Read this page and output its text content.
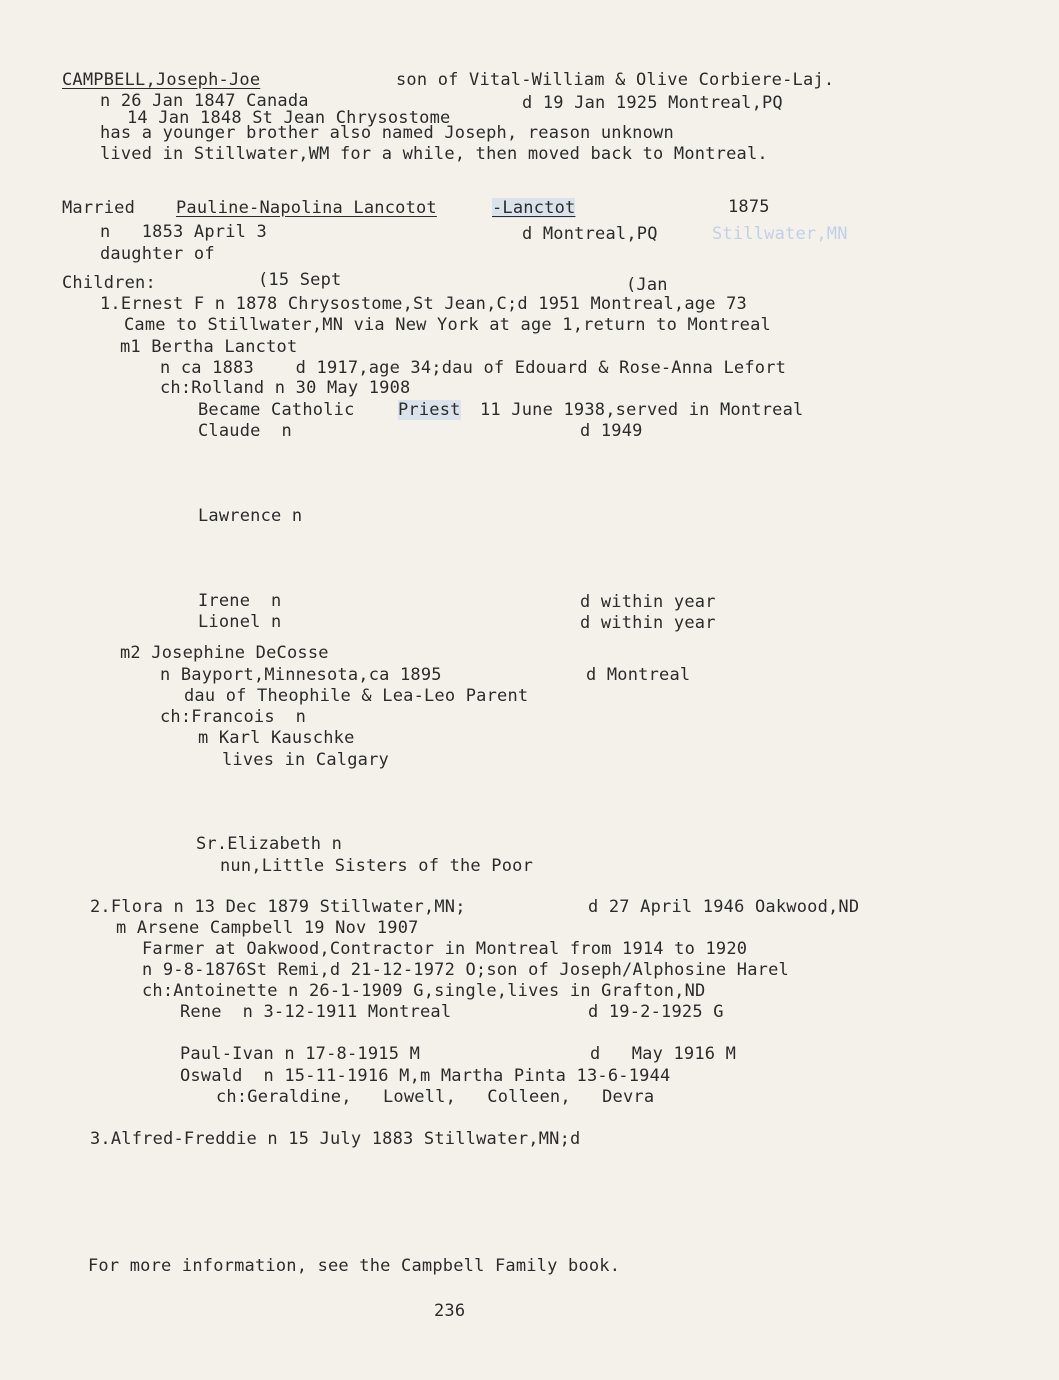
CAMPBELL,Joseph-Joe	son of Vital-William & Olive Corbiere-Laj.
n 26 Jan 1847 Canada	d 19 Jan 1925 Montreal,PQ
14 Jan 1848 St Jean Chrysostome
has a younger brother also named Joseph, reason unknown
lived in Stillwater,WM for a while, then moved back to Montreal.
Married Pauline-Napolina Lancotot	-Lanctot	1875
n   1853 April 3	d Montreal,PQ	Stillwater,MN
daughter of
Children:	(15 Sept	(Jan
1.Ernest F n 1878 Chrysostome,St Jean,C;d 1951 Montreal,age 73
Came to Stillwater,MN via New York at age 1,return to Montreal
m1 Bertha Lanctot
n ca 1883    d 1917,age 34;dau of Edouard & Rose-Anna Lefort
ch:Rolland n 30 May 1908
Became Catholic	Priest 11 June 1938,served in Montreal
Claude  n	d 1949
Lawrence n
Irene  n	d within year
Lionel n	d within year
m2 Josephine DeCosse
n Bayport,Minnesota,ca 1895	d Montreal
dau of Theophile & Lea-Leo Parent
ch:Francois  n
m Karl Kauschke
lives in Calgary
Sr.Elizabeth n
nun,Little Sisters of the Poor
2.Flora n 13 Dec 1879 Stillwater,MN;	d 27 April 1946 Oakwood,ND
m Arsene Campbell 19 Nov 1907
Farmer at Oakwood,Contractor in Montreal from 1914 to 1920
n 9-8-1876St Remi,d 21-12-1972 O;son of Joseph/Alphosine Harel
ch:Antoinette n 26-1-1909 G,single,lives in Grafton,ND
Rene  n 3-12-1911 Montreal	d 19-2-1925 G
Paul-Ivan n 17-8-1915 M	d   May 1916 M
Oswald  n 15-11-1916 M,m Martha Pinta 13-6-1944
ch:Geraldine,   Lowell,   Colleen,   Devra
3.Alfred-Freddie n 15 July 1883 Stillwater,MN;d
For more information, see the Campbell Family book.
236
